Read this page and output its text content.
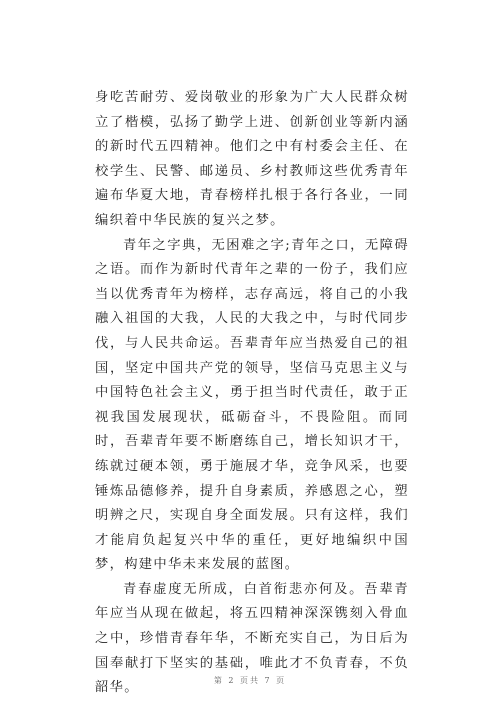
身吃苦耐劳、爱岗敬业的形象为广大人民群众树立了楷模，弘扬了勤学上进、创新创业等新内涵的新时代五四精神。他们之中有村委会主任、在校学生、民警、邮递员、乡村教师这些优秀青年遍布华夏大地，青春榜样扎根于各行各业，一同编织着中华民族的复兴之梦。

青年之字典，无困难之字;青年之口，无障碍之语。而作为新时代青年之辈的一份子，我们应当以优秀青年为榜样，志存高远，将自己的小我融入祖国的大我，人民的大我之中，与时代同步伐，与人民共命运。吾辈青年应当热爱自己的祖国，坚定中国共产党的领导，坚信马克思主义与中国特色社会主义，勇于担当时代责任，敢于正视我国发展现状，砥砺奋斗，不畏险阻。而同时，吾辈青年要不断磨练自己，增长知识才干，练就过硬本领，勇于施展才华，竞争风采，也要锤炼品德修养，提升自身素质，养感恩之心，塑明辨之尺，实现自身全面发展。只有这样，我们才能肩负起复兴中华的重任，更好地编织中国梦，构建中华未来发展的蓝图。

青春虚度无所成，白首衔悲亦何及。吾辈青年应当从现在做起，将五四精神深深镌刻入骨血之中，珍惜青春年华，不断充实自己，为日后为国奉献打下坚实的基础，唯此才不负青春，不负韶华。	第 2 页共 7 页
